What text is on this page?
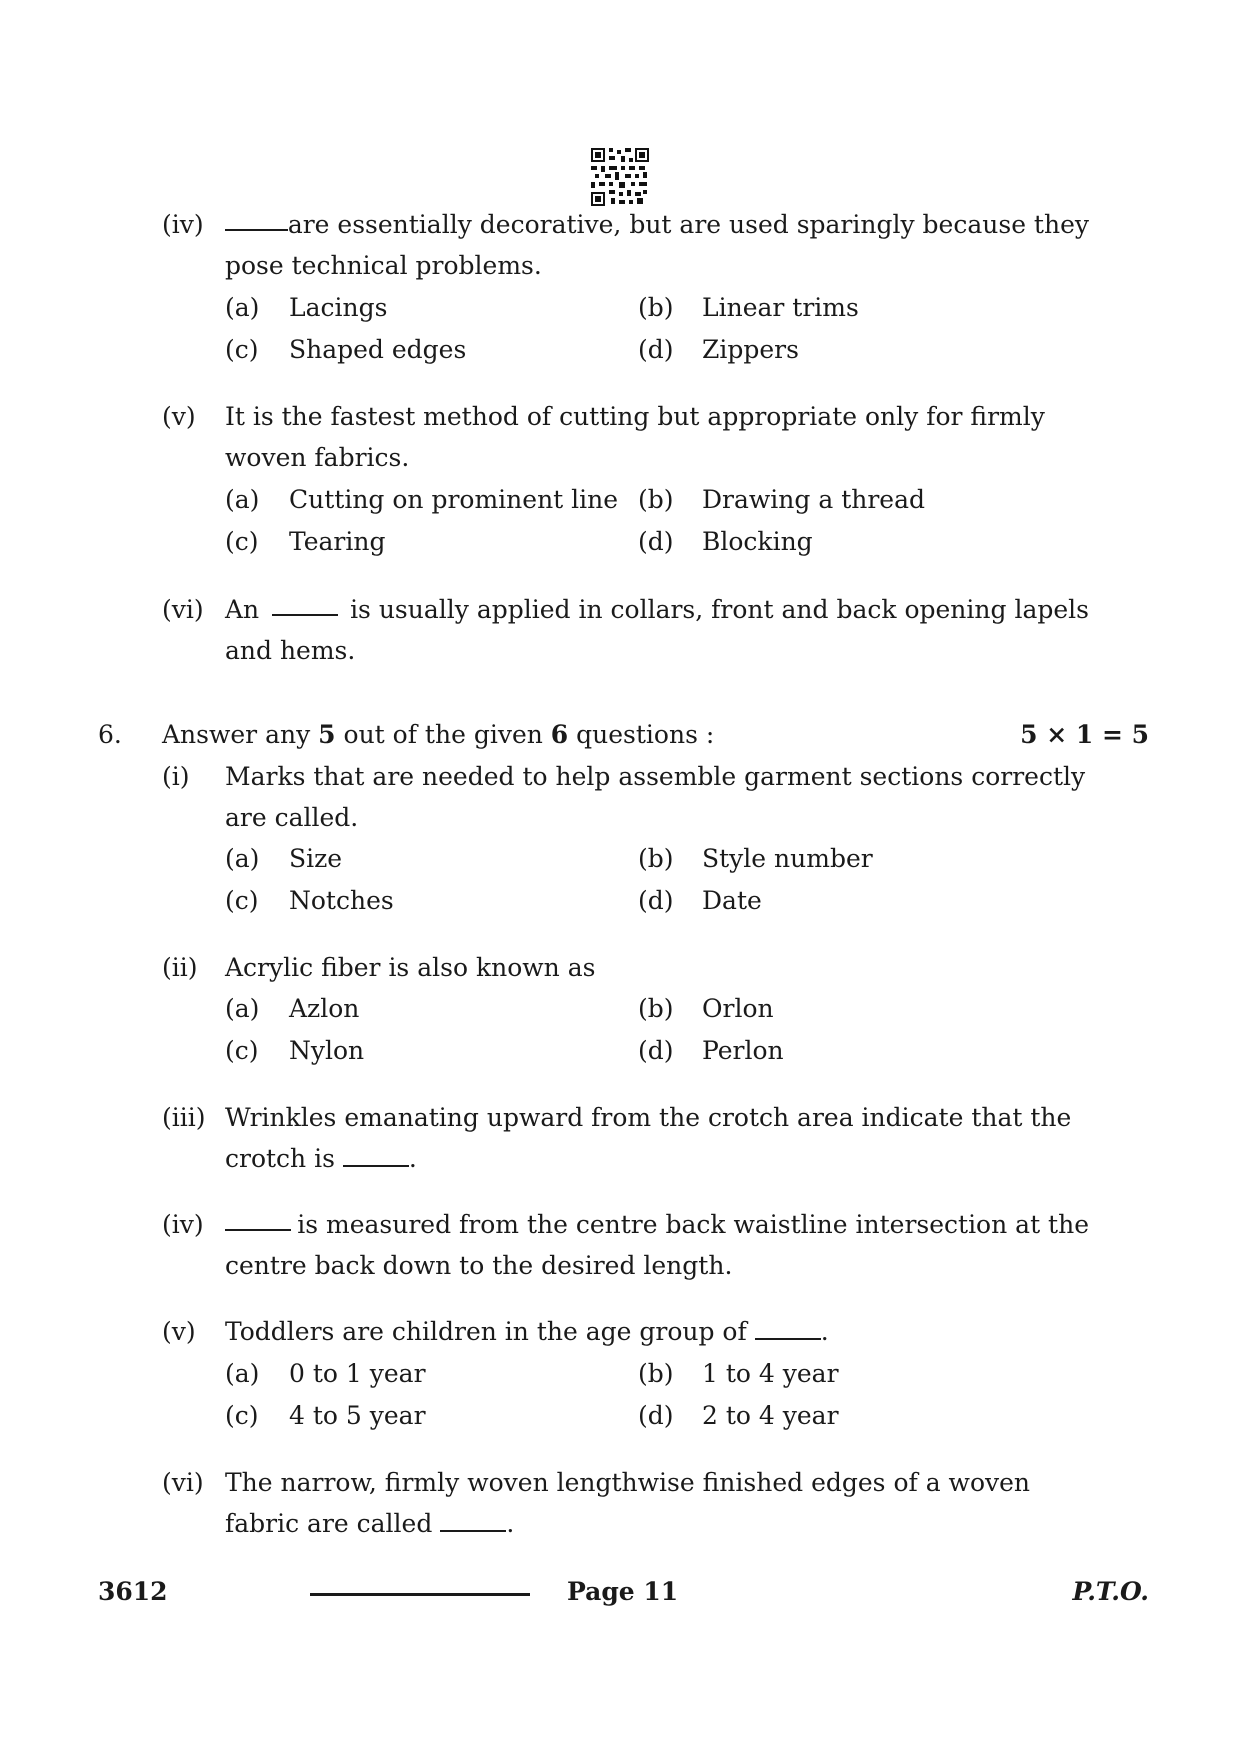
(iv)	are essentially decorative, but are used sparingly because they
pose technical problems.
(a) Lacings	(b) Linear trims
(c) Shaped edges	(d) Zippers
(v)	It is the fastest method of cutting but appropriate only for firmly
woven fabrics.
(a) Cutting on prominent line (b) Drawing a thread
(c) Tearing	(d) Blocking
(vi) An	is usually applied in collars, front and back opening lapels
and hems.
6. Answer any 5 out of the given 6 questions :	5 × 1 = 5
(i)	Marks that are needed to help assemble garment sections correctly
are called.
(a) Size	(b) Style number
(c) Notches	(d) Date
(ii)	Acrylic fiber is also known as
(a) Azlon	(b) Orlon
(c) Nylon	(d) Perlon
(iii) Wrinkles emanating upward from the crotch area indicate that the
crotch is	.
(iv)	is measured from the centre back waistline intersection at the
centre back down to the desired length.
(v)	Toddlers are children in the age group of	.
(a) 0 to 1 year	(b) 1 to 4 year
(c) 4 to 5 year	(d) 2 to 4 year
(vi) The narrow, firmly woven lengthwise finished edges of a woven
fabric are called	.
3612	Page 11	P.T.O.
